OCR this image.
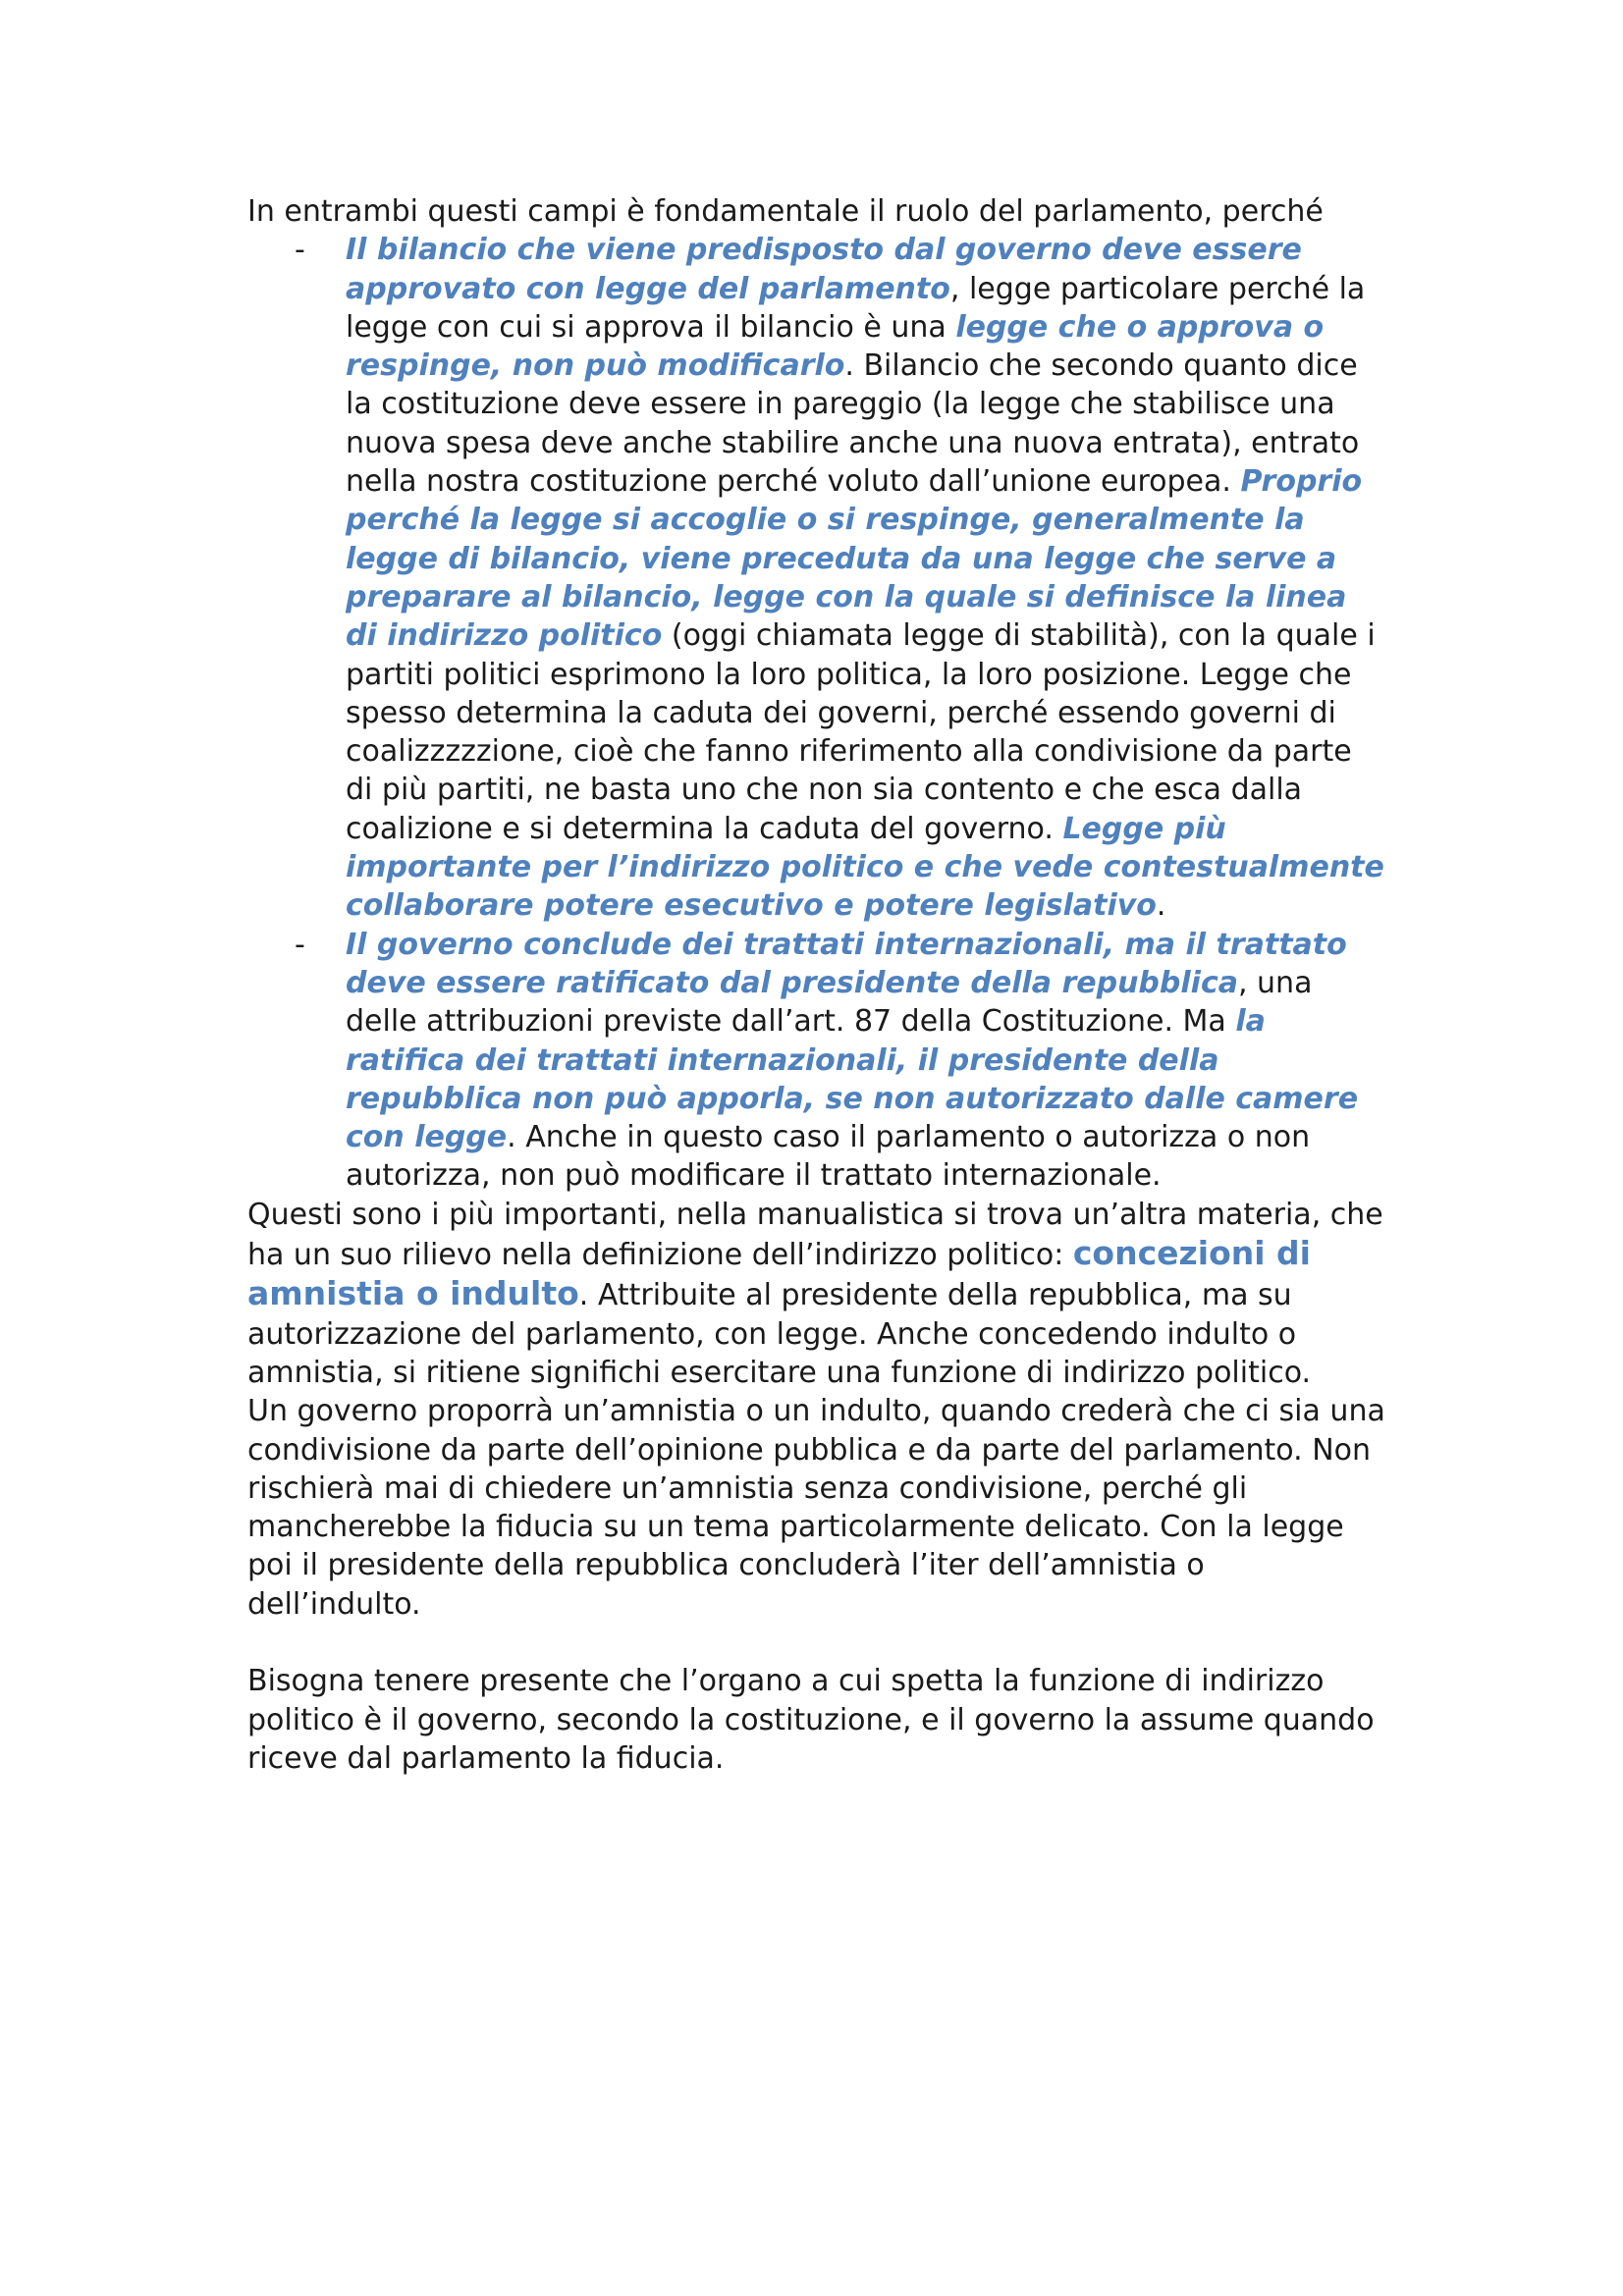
In entrambi questi campi è fondamentale il ruolo del parlamento, perché

- Il bilancio che viene predisposto dal governo deve essere approvato con legge del parlamento, legge particolare perché la legge con cui si approva il bilancio è una legge che o approva o respinge, non può modificarlo. Bilancio che secondo quanto dice la costituzione deve essere in pareggio (la legge che stabilisce una nuova spesa deve anche stabilire anche una nuova entrata), entrato nella nostra costituzione perché voluto dall’unione europea. Proprio perché la legge si accoglie o si respinge, generalmente la legge di bilancio, viene preceduta da una legge che serve a preparare al bilancio, legge con la quale si definisce la linea di indirizzo politico (oggi chiamata legge di stabilità), con la quale i partiti politici esprimono la loro politica, la loro posizione. Legge che spesso determina la caduta dei governi, perché essendo governi di coalizzzzzione, cioè che fanno riferimento alla condivisione da parte di più partiti, ne basta uno che non sia contento e che esca dalla coalizione e si determina la caduta del governo. Legge più importante per l’indirizzo politico e che vede contestualmente collaborare potere esecutivo e potere legislativo.
- Il governo conclude dei trattati internazionali, ma il trattato deve essere ratificato dal presidente della repubblica, una delle attribuzioni previste dall’art. 87 della Costituzione. Ma la ratifica dei trattati internazionali, il presidente della repubblica non può apporla, se non autorizzato dalle camere con legge. Anche in questo caso il parlamento o autorizza o non autorizza, non può modificare il trattato internazionale.

Questi sono i più importanti, nella manualistica si trova un’altra materia, che ha un suo rilievo nella definizione dell’indirizzo politico: concezioni di amnistia o indulto. Attribuite al presidente della repubblica, ma su autorizzazione del parlamento, con legge. Anche concedendo indulto o amnistia, si ritiene significhi esercitare una funzione di indirizzo politico.

Un governo proporrà un’amnistia o un indulto, quando crederà che ci sia una condivisione da parte dell’opinione pubblica e da parte del parlamento. Non rischierà mai di chiedere un’amnistia senza condivisione, perché gli mancherebbe la fiducia su un tema particolarmente delicato. Con la legge poi il presidente della repubblica concluderà l’iter dell’amnistia o dell’indulto.

Bisogna tenere presente che l’organo a cui spetta la funzione di indirizzo politico è il governo, secondo la costituzione, e il governo la assume quando riceve dal parlamento la fiducia.
